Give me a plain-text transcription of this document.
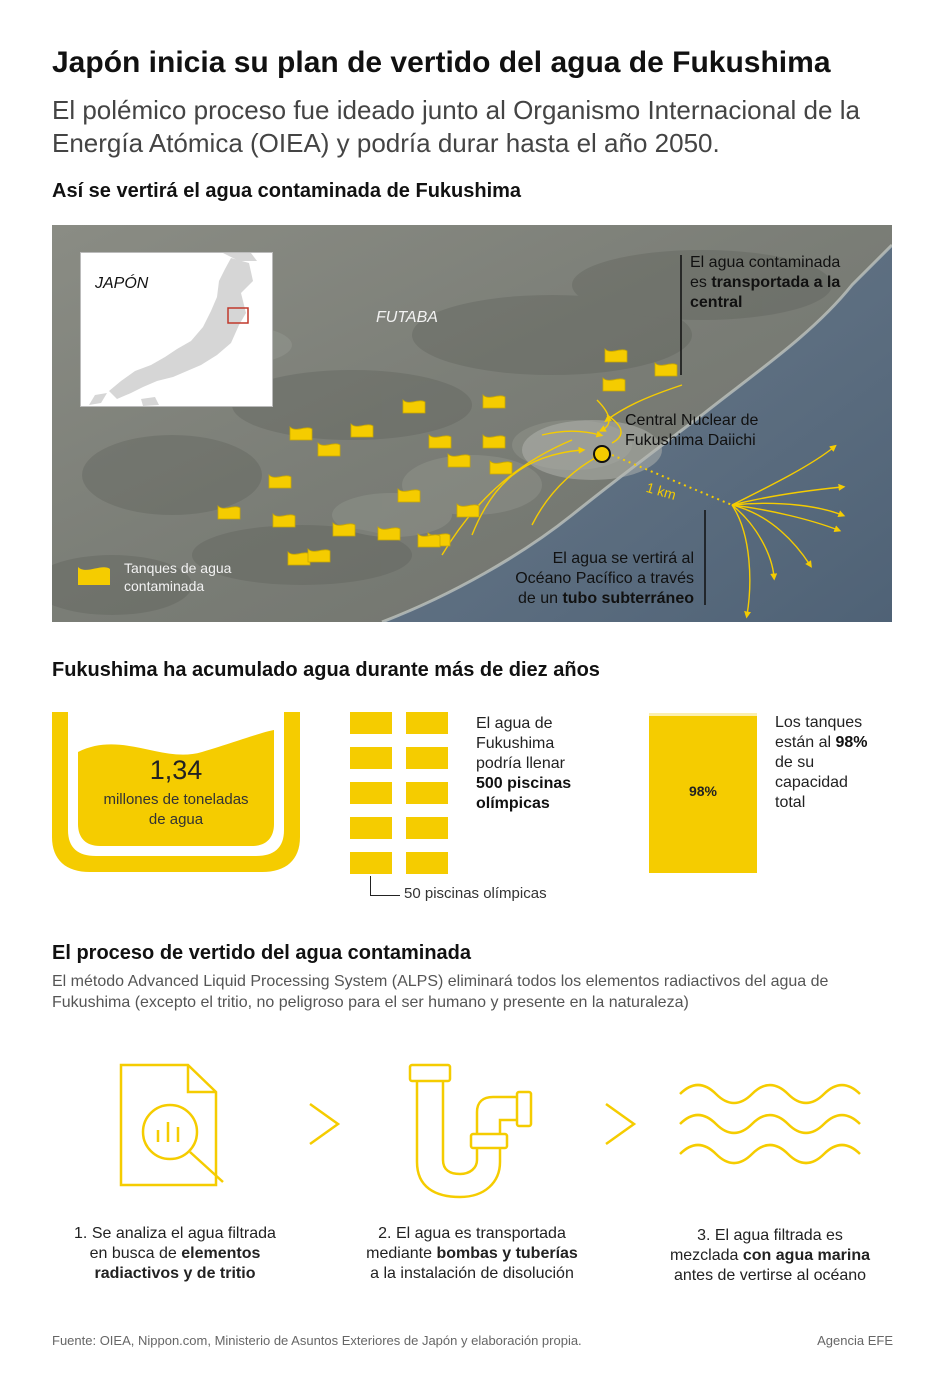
Japón inicia su plan de vertido del agua de Fukushima
El polémico proceso fue ideado junto al Organismo Internacional de la Energía Atómica (OIEA) y podría durar hasta el año 2050.
Así se vertirá el agua contaminada de Fukushima
El agua contaminada
es transportada a la
central
Central Nuclear de
Fukushima Daiichi
1 km
El agua se vertirá al
Océano Pacífico a través
de un tubo subterráneo
FUTABA
Tanques de agua
contaminada
JAPÓN
Fukushima ha acumulado agua durante más de diez años
1,34
millones de toneladas
de agua
50 piscinas olímpicas
El agua de
Fukushima
podría llenar
500 piscinas
olímpicas
98%
Los tanques
están al 98%
de su
capacidad
total
El proceso de vertido del agua contaminada
El método Advanced Liquid Processing System (ALPS) eliminará todos los elementos radiactivos del agua de Fukushima (excepto el tritio, no peligroso para el ser humano y presente en la naturaleza)
1. Se analiza el agua filtrada
en busca de elementos
radiactivos y de tritio
2. El agua es transportada
mediante bombas y tuberías
a la instalación de disolución
3. El agua filtrada es
mezclada con agua marina
antes de vertirse al océano
Fuente: OIEA, Nippon.com, Ministerio de Asuntos Exteriores de Japón y elaboración propia.	Agencia EFE
